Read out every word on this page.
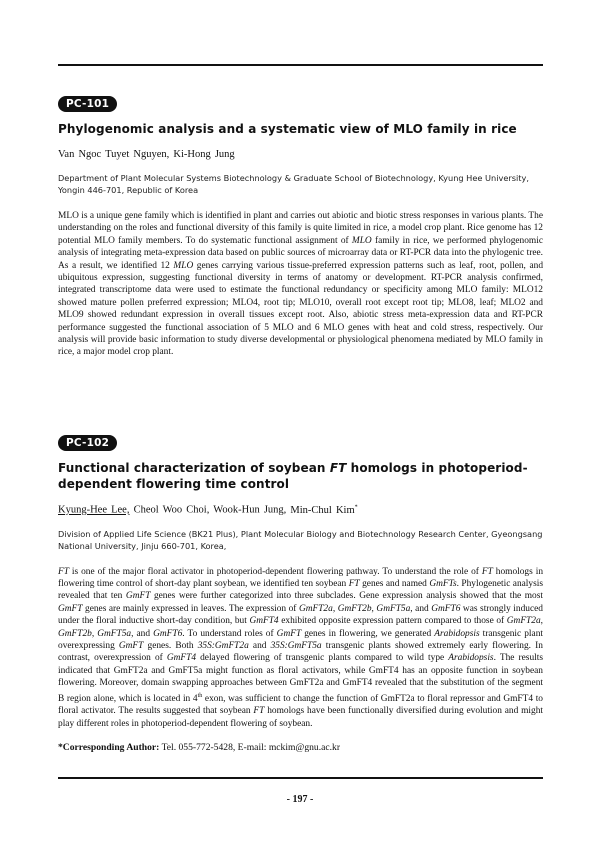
PC-101
Phylogenomic analysis and a systematic view of MLO family in rice
Van Ngoc Tuyet Nguyen, Ki-Hong Jung
Department of Plant Molecular Systems Biotechnology & Graduate School of Biotechnology, Kyung Hee University, Yongin 446-701, Republic of Korea

MLO is a unique gene family which is identified in plant and carries out abiotic and biotic stress responses in various plants. The understanding on the roles and functional diversity of this family is quite limited in rice, a model crop plant. Rice genome has 12 potential MLO family members. To do systematic functional assignment of MLO family in rice, we performed phylogenomic analysis of integrating meta-expression data based on public sources of microarray data or RT-PCR data into the phylogenic tree. As a result, we identified 12 MLO genes carrying various tissue-preferred expression patterns such as leaf, root, pollen, and ubiquitous expression, suggesting functional diversity in terms of anatomy or development. RT-PCR analysis confirmed, integrated transcriptome data were used to estimate the functional redundancy or specificity among MLO family: MLO12 showed mature pollen preferred expression; MLO4, root tip; MLO10, overall root except root tip; MLO8, leaf; MLO2 and MLO9 showed redundant expression in overall tissues except root. Also, abiotic stress meta-expression data and RT-PCR performance suggested the functional association of 5 MLO and 6 MLO genes with heat and cold stress, respectively. Our analysis will provide basic information to study diverse developmental or physiological phenomena mediated by MLO family in rice, a major model crop plant.

PC-102
Functional characterization of soybean FT homologs in photoperiod-dependent flowering time control
Kyung-Hee Lee, Cheol Woo Choi, Wook-Hun Jung, Min-Chul Kim*
Division of Applied Life Science (BK21 Plus), Plant Molecular Biology and Biotechnology Research Center, Gyeongsang National University, Jinju 660-701, Korea,

FT is one of the major floral activator in photoperiod-dependent flowering pathway. To understand the role of FT homologs in flowering time control of short-day plant soybean, we identified ten soybean FT genes and named GmFTs. Phylogenetic analysis revealed that ten GmFT genes were further categorized into three subclades. Gene expression analysis showed that the most GmFT genes are mainly expressed in leaves. The expression of GmFT2a, GmFT2b, GmFT5a, and GmFT6 was strongly induced under the floral inductive short-day condition, but GmFT4 exhibited opposite expression pattern compared to those of GmFT2a, GmFT2b, GmFT5a, and GmFT6. To understand roles of GmFT genes in flowering, we generated Arabidopsis transgenic plant overexpressing GmFT genes. Both 35S:GmFT2a and 35S:GmFT5a transgenic plants showed extremely early flowering. In contrast, overexpression of GmFT4 delayed flowering of transgenic plants compared to wild type Arabidopsis. The results indicated that GmFT2a and GmFT5a might function as floral activators, while GmFT4 has an opposite function in soybean flowering. Moreover, domain swapping approaches between GmFT2a and GmFT4 revealed that the substitution of the segment B region alone, which is located in 4th exon, was sufficient to change the function of GmFT2a to floral repressor and GmFT4 to floral activator. The results suggested that soybean FT homologs have been functionally diversified during evolution and might play different roles in photoperiod-dependent flowering of soybean.

*Corresponding Author: Tel. 055-772-5428, E-mail: mckim@gnu.ac.kr
- 197 -
